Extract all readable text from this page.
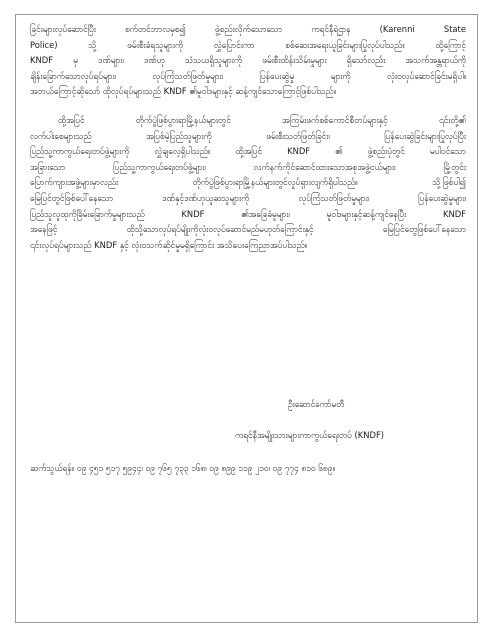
ခြင်းများလုပ်ဆောင်ပြီး စက်တင်ဘာလမှစ၍ ဖွဲ့စည်းလိုက်သောသော ကရင်နီရဲဌာန (Karenni State
Police) သို့ ဖမ်းစီးခံရသူများကို လွှဲပြောင်းကာ စစ်ဆေးအရေးယူခြင်းများပြုလုပ်ပါသည်။ ထို့ကြောင့်
KNDF မှ ဒဏ်များ၊ ဒဏ်ဟု သံသယရှိသူများကို ဖမ်းစီးထိန်းသိမ်းမှုများ ရှိသော်လည်း အသက်အန္တရာယ်ကို
ချိန်းခြောက်သောလုပ်ရပ်များ၊ လုပ်ကြံသတ်ဖြတ်မှုများ၊ ပြန်ပေးဆွဲမှု များကို လုံးဝလုပ်ဆောင်ခြင်းမရှိပါ။
အဘယ်ကြောင့်ဆိုသော် ထိုလုပ်ရပ်များသည် KNDF ၏မူဝါဒများနှင့် ဆန့်ကျင်သောကြောင့်ဖြစ်ပါသည်။
ထို့အပြင် တိုက်ပွဲဖြစ်ပွားရာမြို့နယ်များတွင် အကြမ်းဖက်စစ်ကောင်စီတပ်များနှင့် ၎င်းတို့၏
လက်ပါးစေများသည် အပြစ်မဲ့ပြည်သူများကို ဖမ်းစီးသတ်ဖြတ်ခြင်း၊ ပြန်ပေးဆွဲခြင်းများပြုလုပ်ပြီး
ပြည်သူ့ကာကွယ်ရေးတပ်ဖွဲ့များကို လွှဲချလေ့ရှိပါသည်။ ထို့အပြင် KNDF ၏ ဖွဲ့စည်းပုံတွင် မပါဝင်သော
အခြားသော ပြည်သူ့ကာကွယ်ရေးတပ်ဖွဲ့များ၊ လက်နက်ကိုင်ဆောင်ထားသောအစုအဖွဲ့ငယ်များ၊ မြို့တွင်း
ပြောက်ကျားအဖွဲ့များမှာလည်း တိုက်ပွဲဖြစ်ပွားရာမြို့နယ်များတွင်လှုပ်ရှားလျက်ရှိပါသည်။ သို့ဖြစ်ပါ၍
မြေပြင်တွင်ဖြစ်ပေါ်နေသော ဒဏ်နှင့်ဒဏ်ဟုယူဆသူများကို လုပ်ကြံသတ်ဖြတ်မှုများ၊ ပြန်ပေးဆွဲမှုများ၊
ပြည်သူလူထုကိုခြိမ်းခြောက်မှုများသည် KNDF ၏အခြေခံမူများ၊ မူဝါဒများနှင့်ဆန့်ကျင်နေပြီး KNDF
အနေဖြင့် ထိုသို့သောလုပ်ရပ်မျိုးကိုလုံးဝလုပ်ဆောင်မည်မဟုတ်ကြောင်းနှင့် မြေပြင်တွေဖြစ်ပေါ်နေသော
၎င်းလုပ်ရပ်များသည် KNDF နှင့် လုံးဝသက်ဆိုင်မှုမရှိကြောင်း အသိပေးကြေညာအပ်ပါသည်။
ဦးဆောင်ကော်မတီ
ကရင်နီအမျိုးသားများကာကွယ်ရေးတပ် (KNDF)
ဆက်သွယ်ရန်။ ၀၉ ၄၅၁ ၅၁၇ ၅၉၄၄၊ ၀၉ ၇၆၅ ၇၃၃ ၁၆၈၊ ၀၉ ၈၉၉ ၁၁၉ ၂၁၀၊ ၀၉ ၇၇၄ ၈၁၀ ၆၈၉။
